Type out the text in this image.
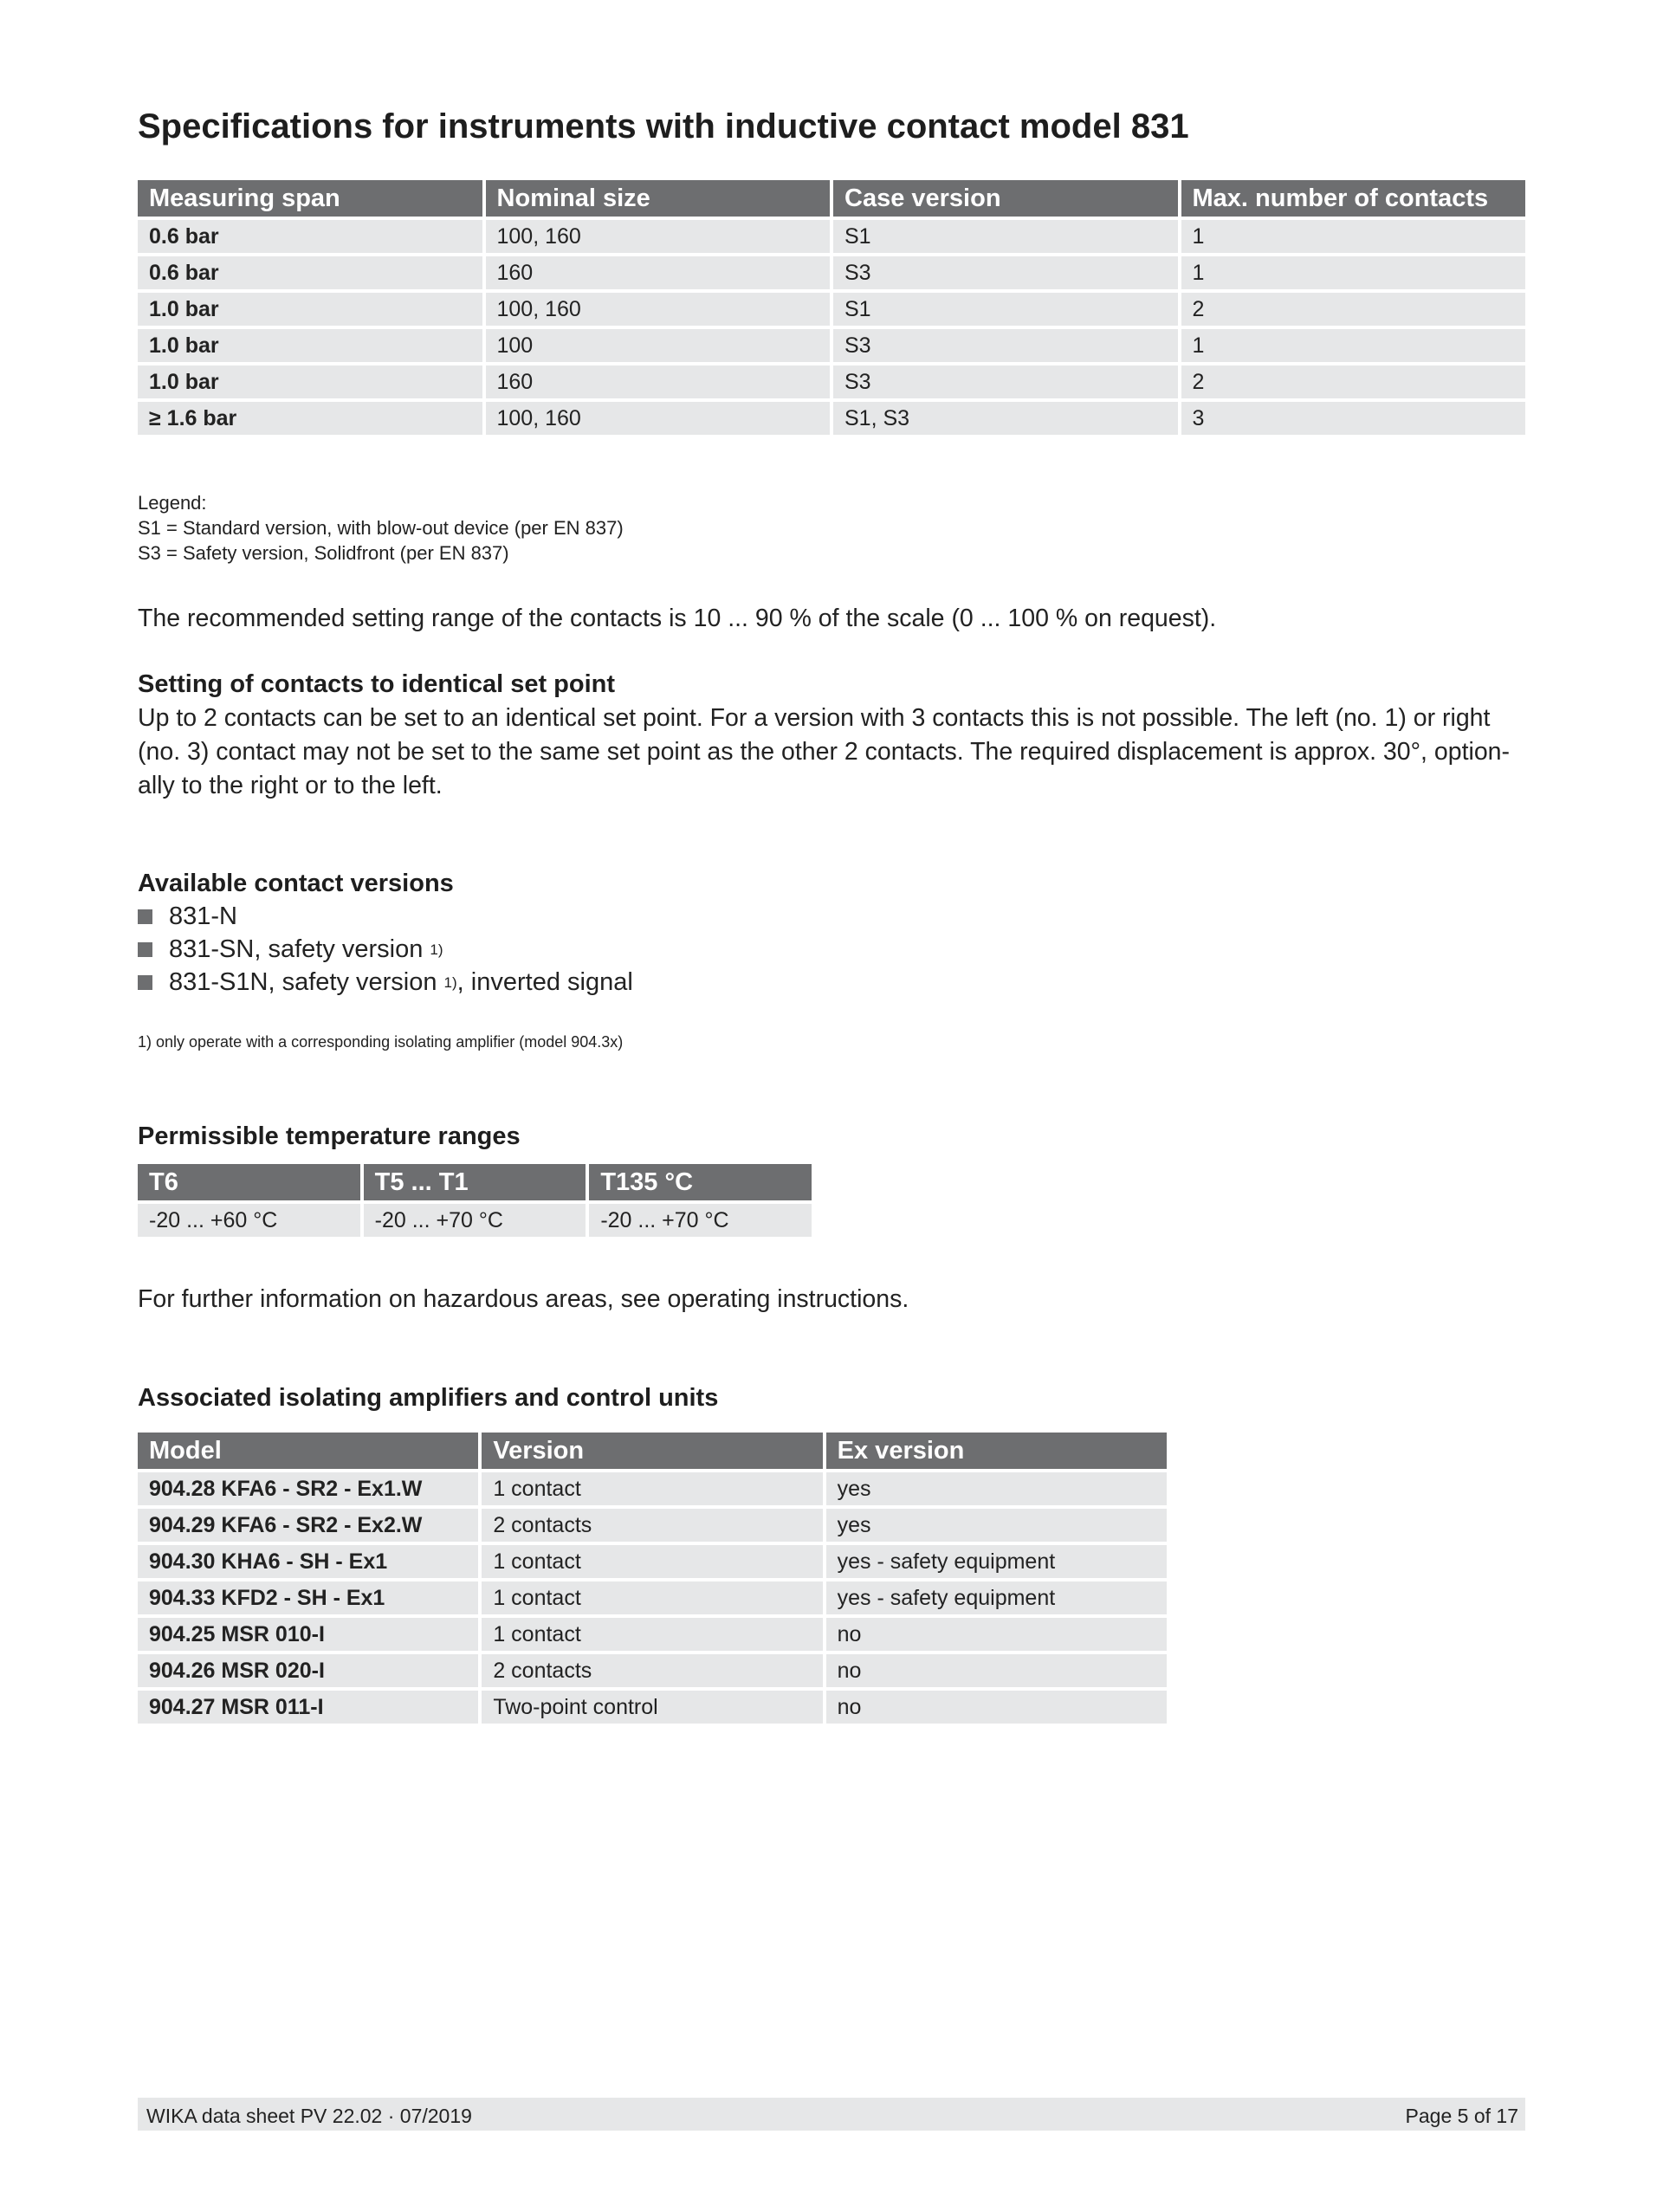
Specifications for instruments with inductive contact model 831
Measuring span	Nominal size	Case version	Max. number of contacts
0.6 bar	100, 160	S1	1
0.6 bar	160	S3	1
1.0 bar	100, 160	S1	2
1.0 bar	100	S3	1
1.0 bar	160	S3	2
≥ 1.6 bar	100, 160	S1, S3	3
Legend:
S1 = Standard version, with blow-out device (per EN 837)
S3 = Safety version, Solidfront (per EN 837)
The recommended setting range of the contacts is 10 ... 90 % of the scale (0 ... 100 % on request).
Setting of contacts to identical set point
Up to 2 contacts can be set to an identical set point. For a version with 3 contacts this is not possible. The left (no. 1) or right
(no. 3) contact may not be set to the same set point as the other 2 contacts. The required displacement is approx. 30°, option-
ally to the right or to the left.
Available contact versions
831-N
831-SN, safety version
1)
831-S1N, safety version
1) , inverted signal
1) only operate with a corresponding isolating amplifier (model 904.3x)
Permissible temperature ranges
T6	T5 ... T1	T135 °C
-20 ... +60 °C	-20 ... +70 °C	-20 ... +70 °C
For further information on hazardous areas, see operating instructions.
Associated isolating amplifiers and control units
Model	Version	Ex version
904.28 KFA6 - SR2 - Ex1.W	1 contact	yes
904.29 KFA6 - SR2 - Ex2.W	2 contacts	yes
904.30 KHA6 - SH - Ex1	1 contact	yes - safety equipment
904.33 KFD2 - SH - Ex1	1 contact	yes - safety equipment
904.25 MSR 010-I	1 contact	no
904.26 MSR 020-I	2 contacts	no
904.27 MSR 011-I	Two-point control	no
WIKA data sheet PV 22.02 · 07/2019	Page 5 of 17
